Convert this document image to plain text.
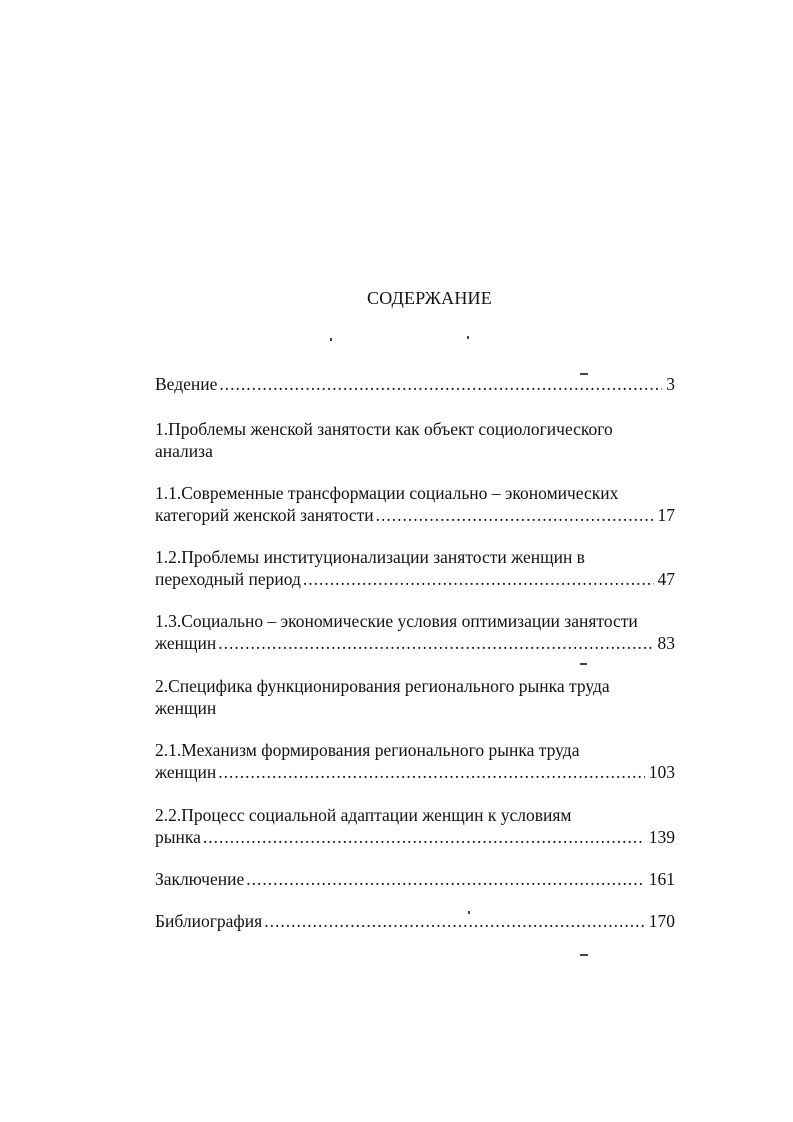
СОДЕРЖАНИЕ
Ведение .....	3
1.Проблемы женской занятости как объект социологического
анализа
1.1.Современные трансформации социально – экономических
категорий женской занятости .....	17
1.2.Проблемы институционализации занятости женщин в
переходный период .....	47
1.3.Социально – экономические условия оптимизации занятости
женщин .....	83
2.Специфика функционирования регионального рынка труда
женщин
2.1.Механизм формирования регионального рынка труда
женщин .....	103
2.2.Процесс социальной адаптации женщин к условиям
рынка .....	139
Заключение .....	161
Библиография .....	170
